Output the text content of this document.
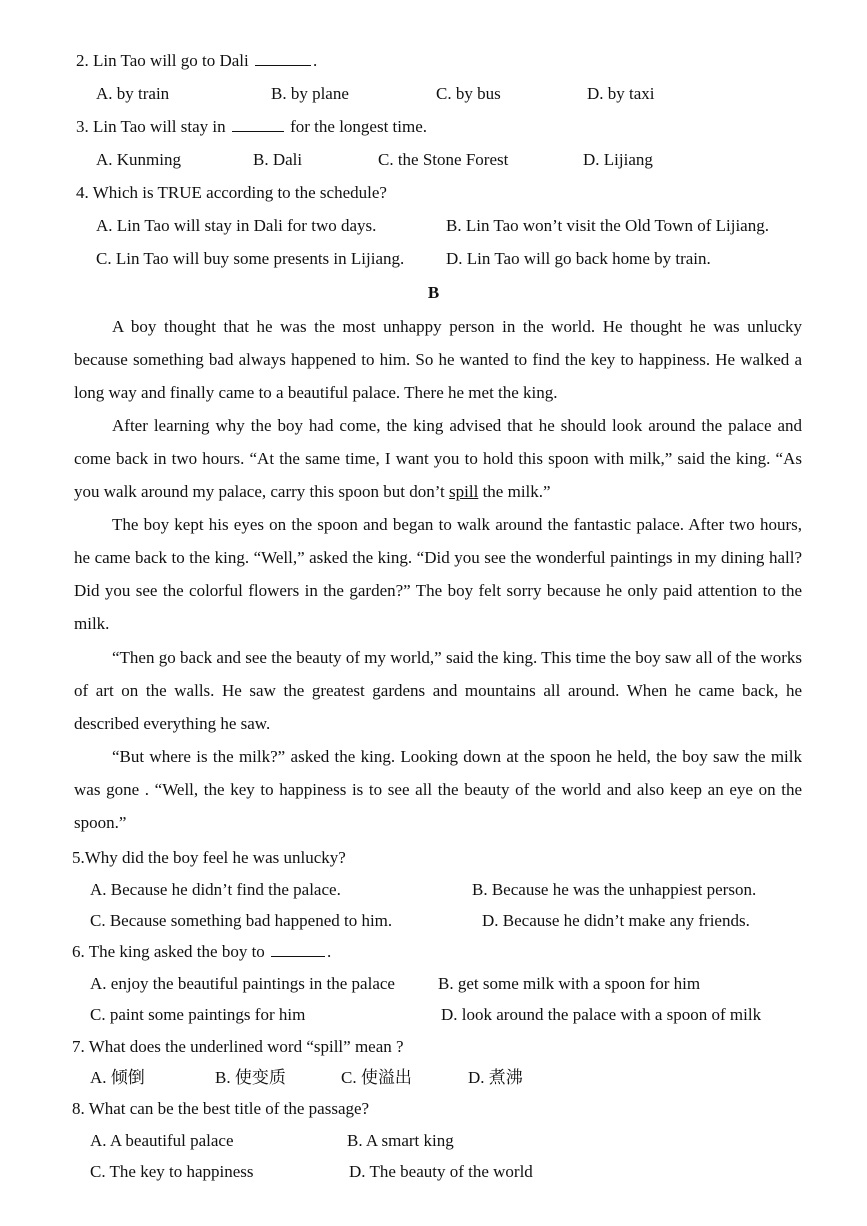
2. Lin Tao will go to Dali	.
A. by train	B. by plane	C. by bus	D. by taxi
3. Lin Tao will stay in	for the longest time.
A. Kunming	B. Dali	C. the Stone Forest	D. Lijiang
4. Which is TRUE according to the schedule?
A. Lin Tao will stay in Dali for two days.	B. Lin Tao won’t visit the Old Town of Lijiang.
C. Lin Tao will buy some presents in Lijiang. D. Lin Tao will go back home by train.
B
A boy thought that he was the most unhappy person in the world. He thought he was unlucky because something bad always happened to him. So he wanted to find the key to happiness. He walked a long way and finally came to a beautiful palace. There he met the king.
After learning why the boy had come, the king advised that he should look around the palace and come back in two hours. “At the same time, I want you to hold this spoon with milk,” said the king. “As you walk around my palace, carry this spoon but don’t spill the milk.”
The boy kept his eyes on the spoon and began to walk around the fantastic palace. After two hours, he came back to the king. “Well,” asked the king. “Did you see the wonderful paintings in my dining hall? Did you see the colorful flowers in the garden?” The boy felt sorry because he only paid attention to the milk.
“Then go back and see the beauty of my world,” said the king. This time the boy saw all of the works of art on the walls. He saw the greatest gardens and mountains all around. When he came back, he described everything he saw.
“But where is the milk?” asked the king. Looking down at the spoon he held, the boy saw the milk was gone . “Well, the key to happiness is to see all the beauty of the world and also keep an eye on the spoon.”
5.Why did the boy feel he was unlucky?
A. Because he didn’t find the palace.	B. Because he was the unhappiest person.
C. Because something bad happened to him.	D. Because he didn’t make any friends.
6. The king asked the boy to	.
A. enjoy the beautiful paintings in the palace	B. get some milk with a spoon for him
C. paint some paintings for him	D. look around the palace with a spoon of milk
7. What does the underlined word “spill” mean ?
A. 倾倒	B. 使变质	C. 使溢出	D. 煮沸
8. What can be the best title of the passage?
A. A beautiful palace	B. A smart king
C. The key to happiness	D. The beauty of the world
